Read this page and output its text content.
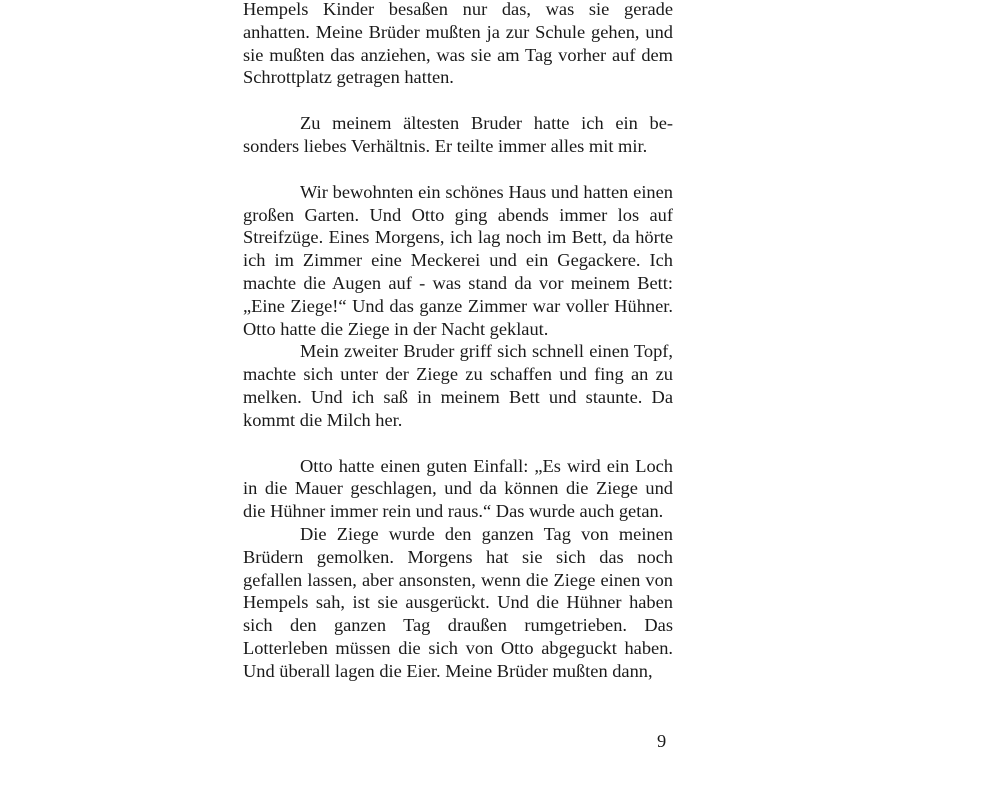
Hempels Kinder besaßen nur das, was sie gerade anhatten. Meine Brüder mußten ja zur Schule gehen, und sie mußten das anziehen, was sie am Tag vorher auf dem Schrottplatz getragen hatten.

Zu meinem ältesten Bruder hatte ich ein besonders liebes Verhältnis. Er teilte immer alles mit mir.

Wir bewohnten ein schönes Haus und hatten einen großen Garten. Und Otto ging abends immer los auf Streifzüge. Eines Morgens, ich lag noch im Bett, da hörte ich im Zimmer eine Meckerei und ein Gegackere. Ich machte die Augen auf - was stand da vor meinem Bett: „Eine Ziege!“ Und das ganze Zimmer war voller Hühner. Otto hatte die Ziege in der Nacht geklaut.

Mein zweiter Bruder griff sich schnell einen Topf, machte sich unter der Ziege zu schaffen und fing an zu melken. Und ich saß in meinem Bett und staunte. Da kommt die Milch her.

Otto hatte einen guten Einfall: „Es wird ein Loch in die Mauer geschlagen, und da können die Ziege und die Hühner immer rein und raus.“ Das wurde auch getan.

Die Ziege wurde den ganzen Tag von meinen Brüdern gemolken. Morgens hat sie sich das noch gefallen lassen, aber ansonsten, wenn die Ziege einen von Hempels sah, ist sie ausgerückt. Und die Hühner haben sich den ganzen Tag draußen rumgetrieben. Das Lotterleben müssen die sich von Otto abgeguckt haben. Und überall lagen die Eier. Meine Brüder mußten dann,

9
